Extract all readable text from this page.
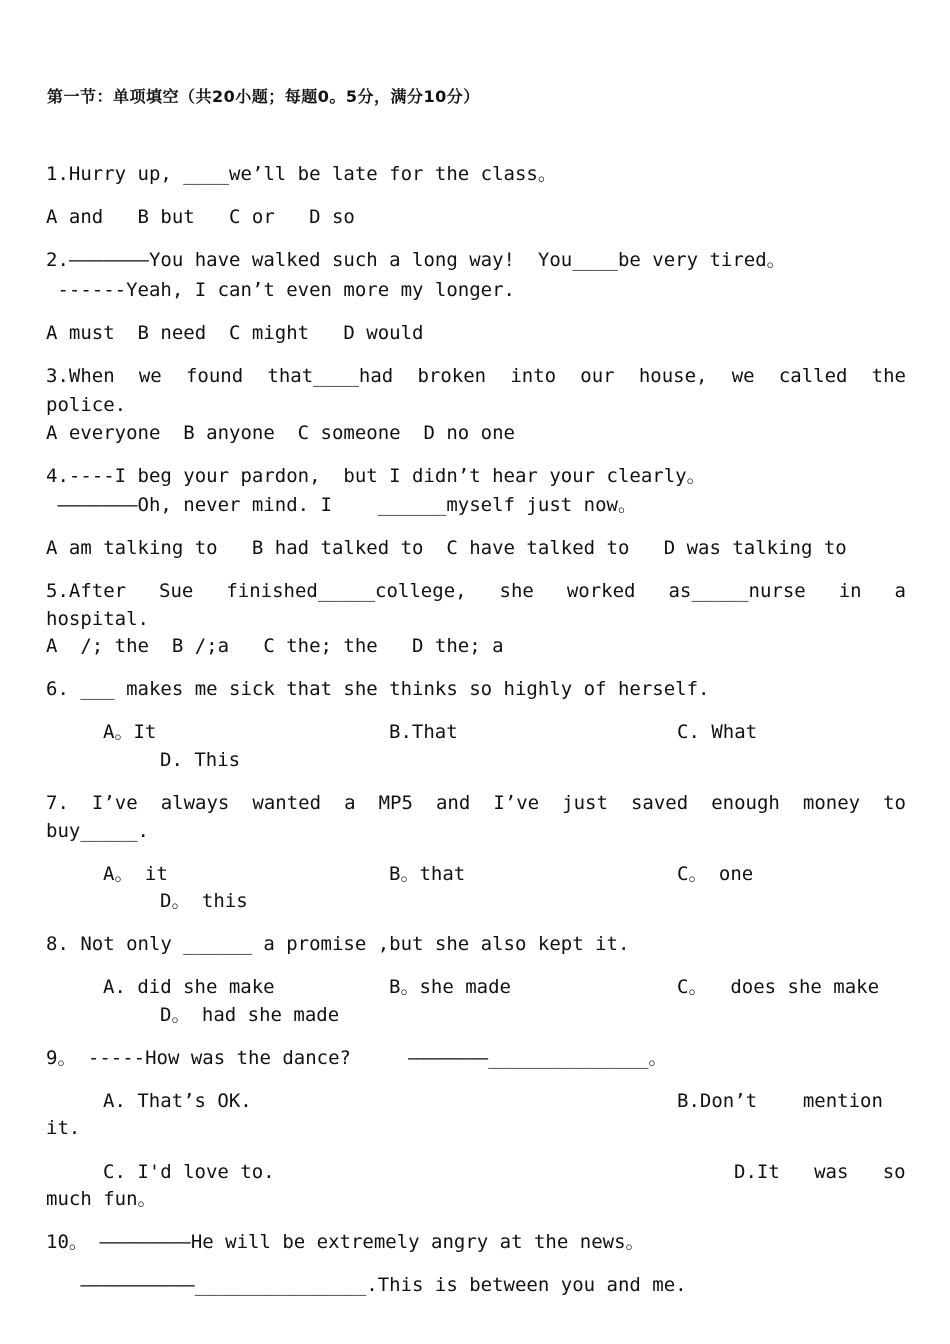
第一节：单项填空（共20小题；每题0。5分，满分10分）
1.Hurry up, ____we’ll be late for the class。
A and   B but   C or   D so
2.———————You have walked such a long way!  You____be very tired。
------Yeah, I can’t even more my longer.
A must  B need  C might   D would
3.When we found that____had broken into our house, we called the
police.
A everyone  B anyone  C someone  D no one
4.----I beg your pardon,  but I didn’t hear your clearly。
———————Oh, never mind. I    ______myself just now。
A am talking to   B had talked to  C have talked to   D was talking to
5.After Sue finished_____college, she worked as_____nurse in a
hospital.
A  /; the  B /;a   C the; the   D the; a
6. ___ makes me sick that she thinks so highly of herself.
A。It	B.That	C. What
D. This
7. I’ve always wanted a MP5 and I’ve just saved enough money to
buy_____.
A。 it	B。that	C。 one
D。 this
8. Not only ______ a promise ,but she also kept it.
A. did she make	B。she made	C。  does she make
D。 had she made
9。 -----How was the dance?     ———————______________。
A. That’s OK.	B.Don’t    mention
it.
C. I'd love to.	D.It   was   so
much fun。
10。 ————————He will be extremely angry at the news。
——————————_______________.This is between you and me.
